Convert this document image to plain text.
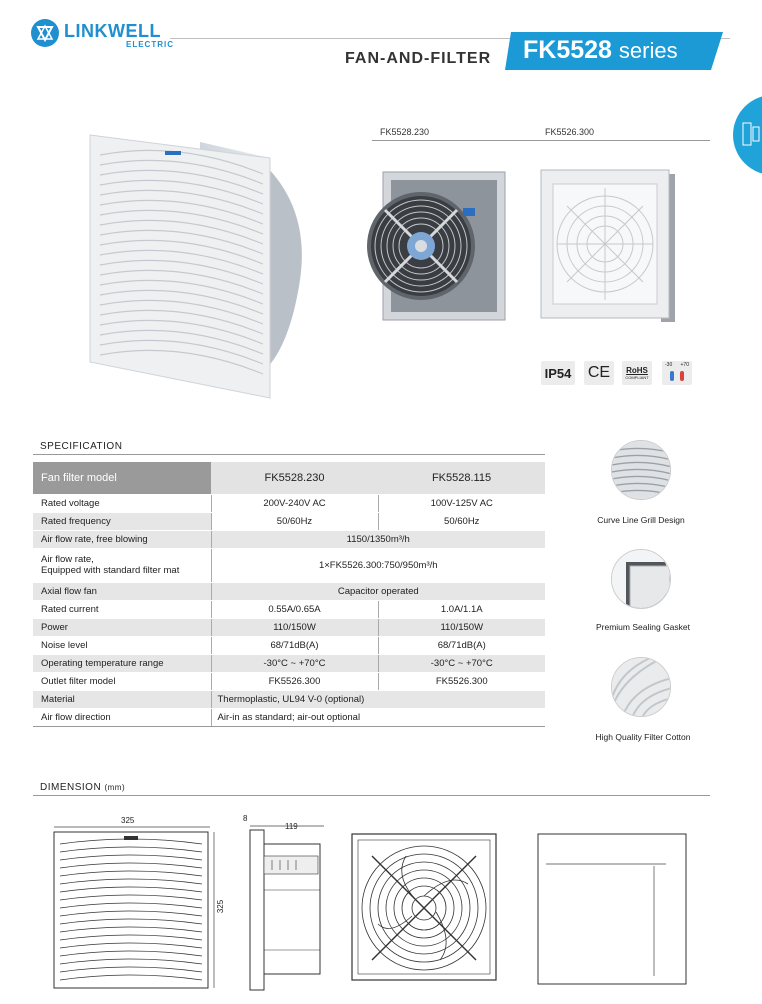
LINKWELL
ELECTRIC
FAN-AND-FILTER FK5528 series
FK5528.230	FK5526.300
IP54 CE	RoHS
COMPLIANT
-30 +70
SPECIFICATION
Fan filter model	FK5528.230	FK5528.115
Rated voltage	200V-240V AC	100V-125V AC
Rated frequency	50/60Hz	50/60Hz
Air flow rate, free blowing	1150/1350m³/h	

Air flow rate,
Equipped with standard filter mat	1×FK5526.300:750/950m³/h	
Axial flow fan	Capacitor operated	
Rated current	0.55A/0.65A	1.0A/1.1A
Power	110/150W	110/150W
Noise level	68/71dB(A)	68/71dB(A)
Operating temperature range	-30°C ~ +70°C	-30°C ~ +70°C
Outlet filter model	FK5526.300	FK5526.300
Material	Thermoplastic, UL94 V-0 (optional)	
Air flow direction	Air-in as standard; air-out optional	
Curve Line Grill Design
Premium Sealing Gasket
High Quality Filter Cotton
DIMENSION (mm)
325
325
8
119
